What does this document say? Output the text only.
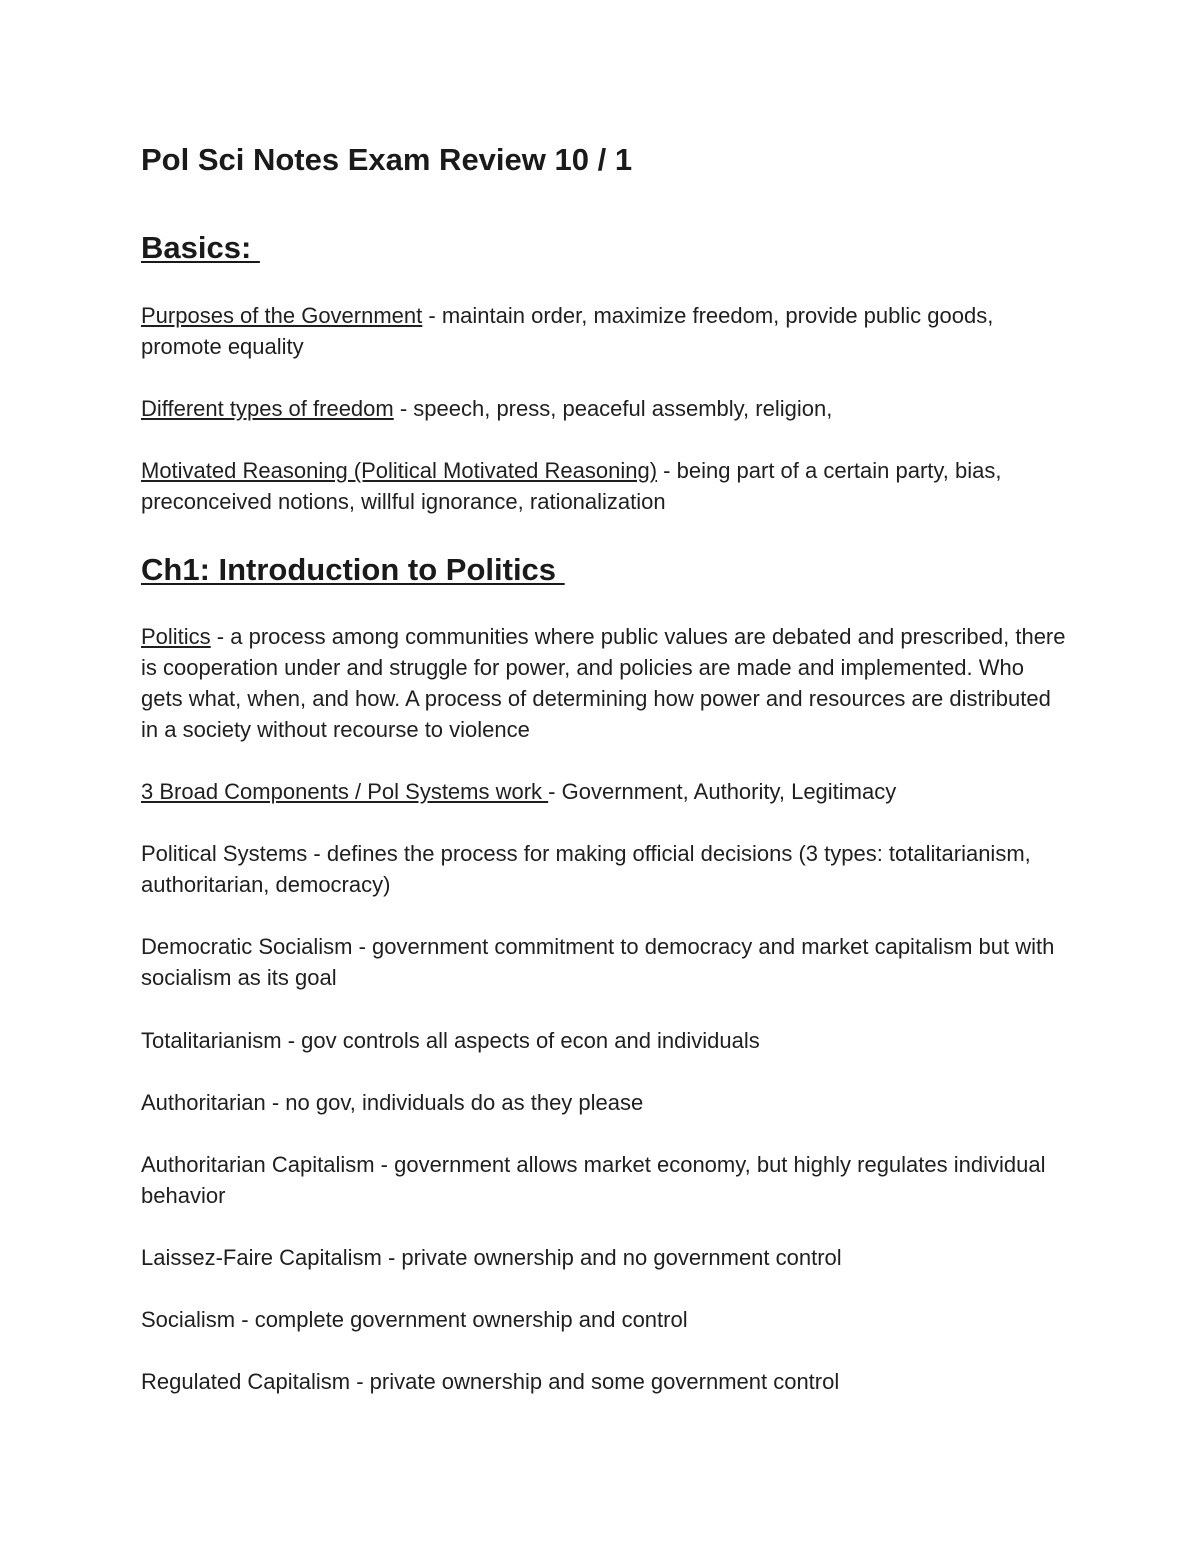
Pol Sci Notes Exam Review 10 / 1
Basics:

Purposes of the Government - maintain order, maximize freedom, provide public goods, promote equality

Different types of freedom - speech, press, peaceful assembly, religion,

Motivated Reasoning (Political Motivated Reasoning) - being part of a certain party, bias, preconceived notions, willful ignorance, rationalization

Ch1: Introduction to Politics

Politics - a process among communities where public values are debated and prescribed, there is cooperation under and struggle for power, and policies are made and implemented. Who gets what, when, and how. A process of determining how power and resources are distributed in a society without recourse to violence

3 Broad Components / Pol Systems work - Government, Authority, Legitimacy

Political Systems - defines the process for making official decisions (3 types: totalitarianism, authoritarian, democracy)

Democratic Socialism - government commitment to democracy and market capitalism but with socialism as its goal

Totalitarianism - gov controls all aspects of econ and individuals

Authoritarian - no gov, individuals do as they please

Authoritarian Capitalism - government allows market economy, but highly regulates individual behavior

Laissez-Faire Capitalism - private ownership and no government control

Socialism - complete government ownership and control

Regulated Capitalism - private ownership and some government control
